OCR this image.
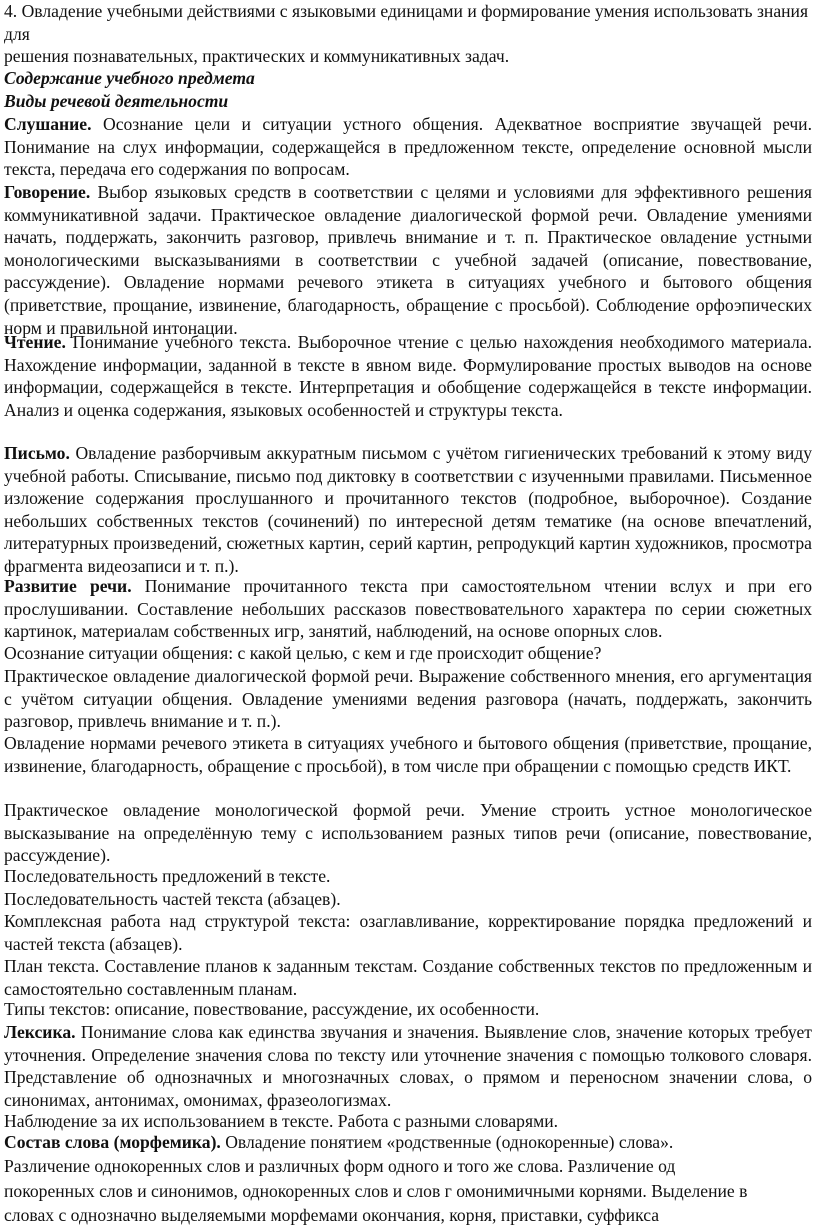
4. Овладение учебными действиями с языковыми единицами и формирование умения использовать знания для

решения познавательных, практических и коммуникативных задач.

Содержание учебного предмета

Виды речевой деятельности

Слушание. Осознание цели и ситуации устного общения. Адекватное восприятие звучащей речи. Понимание на слух информации, содержащейся в предложенном тексте, определение основной мысли текста, передача его содержания по вопросам.

Говорение. Выбор языковых средств в соответствии с целями и условиями для эффективного решения коммуникативной задачи. Практическое овладение диалогической формой речи. Овладение умениями начать, поддержать, закончить разговор, привлечь внимание и т. п. Практическое овладение устными монологическими высказываниями в соответствии с учебной задачей (описание, повествование, рассуждение). Овладение нормами речевого этикета в ситуациях учебного и бытового общения (приветствие, прощание, извинение, благодарность, обращение с просьбой). Соблюдение орфоэпических норм и правильной интонации.

Чтение. Понимание учебного текста. Выборочное чтение с целью нахождения необходимого материала. Нахождение информации, заданной в тексте в явном виде. Формулирование простых выводов на основе информации, содержащейся в тексте. Интерпретация и обобщение содержащейся в тексте информации. Анализ и оценка содержания, языковых особенностей и структуры текста.

Письмо. Овладение разборчивым аккуратным письмом с учётом гигиенических требований к этому виду учебной работы. Списывание, письмо под диктовку в соответствии с изученными правилами. Письменное изложение содержания прослушанного и прочитанного текстов (подробное, выборочное). Создание небольших собственных текстов (сочинений) по интересной детям тематике (на основе впечатлений, литературных произведений, сюжетных картин, серий картин, репродукций картин художников, просмотра фрагмента видеозаписи и т. п.).

Развитие речи. Понимание прочитанного текста при самостоятельном чтении вслух и при его прослушивании. Составление небольших рассказов повествовательного характера по серии сюжетных картинок, материалам собственных игр, занятий, наблюдений, на основе опорных слов.

Осознание ситуации общения: с какой целью, с кем и где происходит общение?

Практическое овладение диалогической формой речи. Выражение собственного мнения, его аргументация с учётом ситуации общения. Овладение умениями ведения разговора (начать, поддержать, закончить разговор, привлечь внимание и т. п.).

Овладение нормами речевого этикета в ситуациях учебного и бытового общения (приветствие, прощание, извинение, благодарность, обращение с просьбой), в том числе при обращении с помощью средств ИКТ.

Практическое овладение монологической формой речи. Умение строить устное монологическое высказывание на определённую тему с использованием разных типов речи (описание, повествование, рассуждение).

Последовательность предложений в тексте.

Последовательность частей текста (абзацев).

Комплексная работа над структурой текста: озаглавливание, корректирование порядка предложений и частей текста (абзацев).

План текста. Составление планов к заданным текстам. Создание собственных текстов по предложенным и самостоятельно составленным планам.

Типы текстов: описание, повествование, рассуждение, их особенности.

Лексика. Понимание слова как единства звучания и значения. Выявление слов, значение которых требует уточнения. Определение значения слова по тексту или уточнение значения с помощью толкового словаря. Представление об однозначных и многозначных словах, о прямом и переносном значении слова, о синонимах, антонимах, омонимах, фразеологизмах.

Наблюдение за их использованием в тексте. Работа с разными словарями.

Состав слова (морфемика). Овладение понятием «родственные (однокоренные) слова».

Различение однокоренных слов и различных форм одного и того же слова. Различение од

покоренных слов и синонимов, однокоренных слов и слов г омонимичными корнями. Выделение в

словах с однозначно выделяемыми морфемами окончания, корня, приставки, суффикса
